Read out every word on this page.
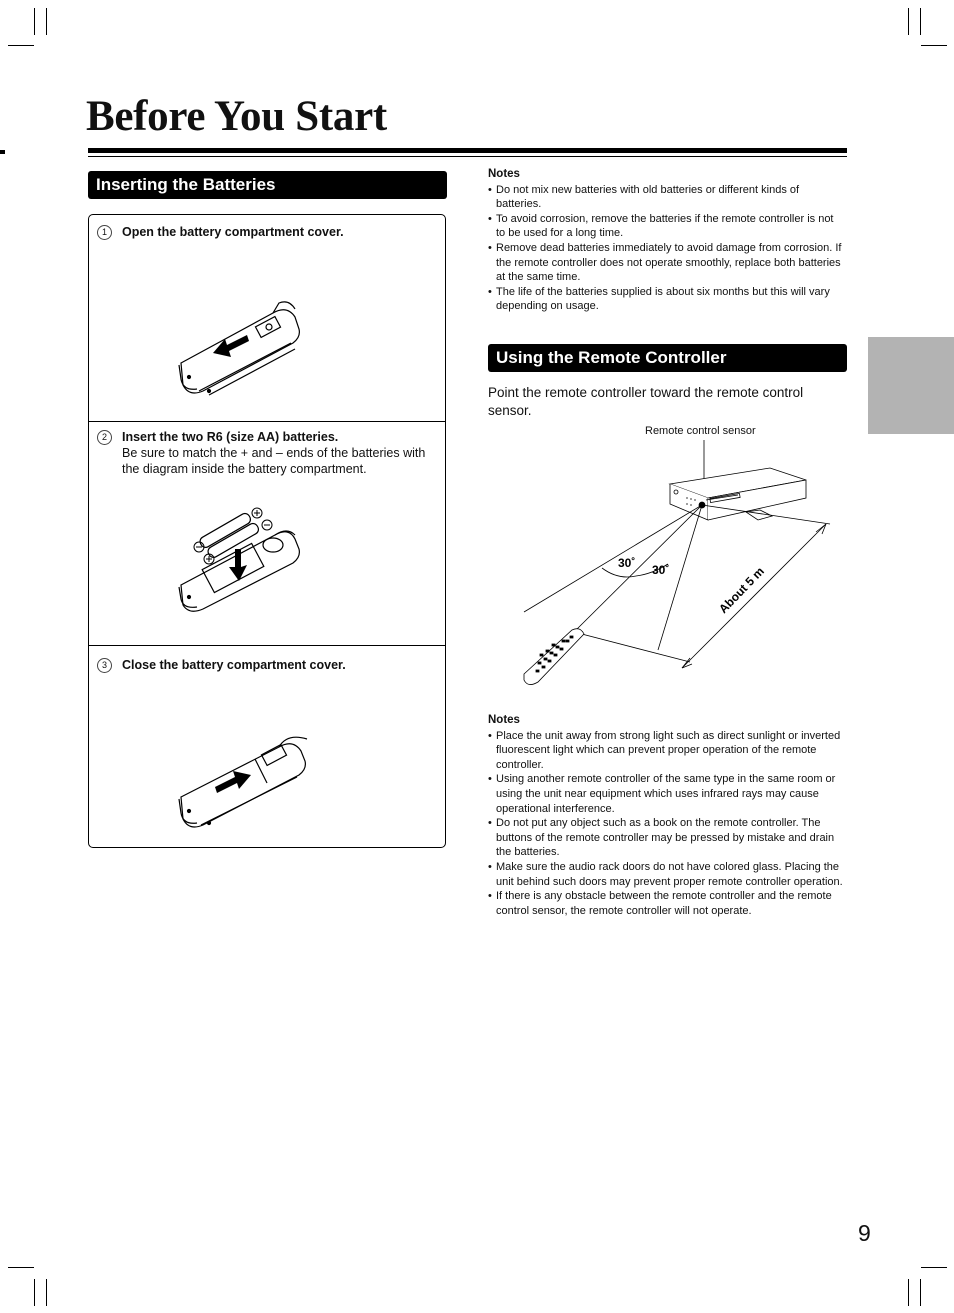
Before You Start
Inserting the Batteries
1 Open the battery compartment cover.
2 Insert the two R6 (size AA) batteries.
Be sure to match the + and – ends of the batteries with the diagram inside the battery compartment.
3 Close the battery compartment cover.
Notes
• Do not mix new batteries with old batteries or different kinds of batteries.
• To avoid corrosion, remove the batteries if the remote controller is not to be used for a long time.
• Remove dead batteries immediately to avoid damage from corrosion. If the remote controller does not operate smoothly, replace both batteries at the same time.
• The life of the batteries supplied is about six months but this will vary depending on usage.
Using the Remote Controller
Point the remote controller toward the remote control sensor.
Remote control sensor
30˚ 30˚	About 5 m
Notes
• Place the unit away from strong light such as direct sunlight or inverted fluorescent light which can prevent proper operation of the remote controller.
• Using another remote controller of the same type in the same room or using the unit near equipment which uses infrared rays may cause operational interference.
• Do not put any object such as a book on the remote controller. The buttons of the remote controller may be pressed by mistake and drain the batteries.
• Make sure the audio rack doors do not have colored glass. Placing the unit behind such doors may prevent proper remote controller operation.
• If there is any obstacle between the remote controller and the remote control sensor, the remote controller will not operate.
9
